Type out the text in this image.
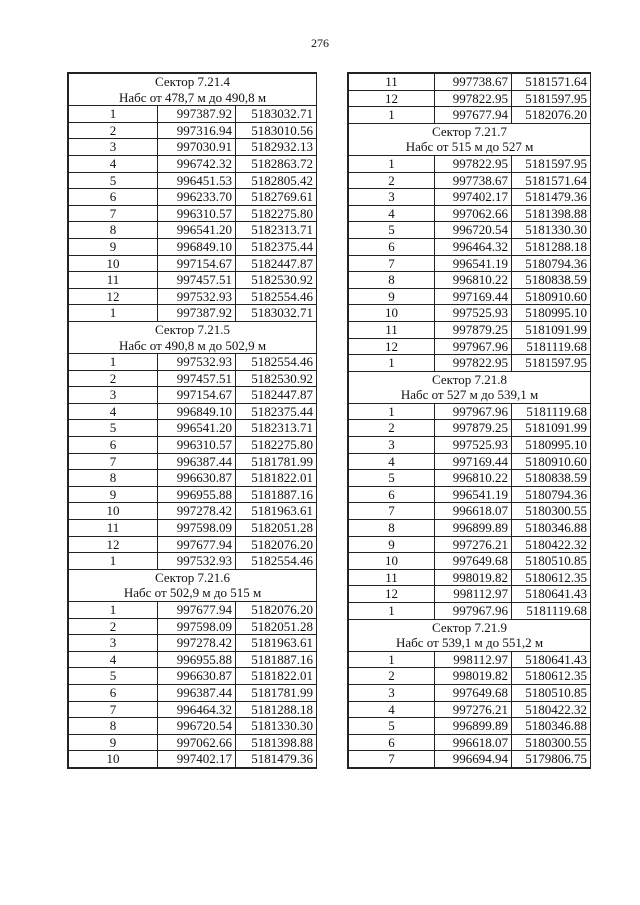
276
Сектор 7.21.4		
Набс от 478,7 м до 490,8 м		
1	997387.92	5183032.71
2	997316.94	5183010.56
3	997030.91	5182932.13
4	996742.32	5182863.72
5	996451.53	5182805.42
6	996233.70	5182769.61
7	996310.57	5182275.80
8	996541.20	5182313.71
9	996849.10	5182375.44
10	997154.67	5182447.87
11	997457.51	5182530.92
12	997532.93	5182554.46
1	997387.92	5183032.71
Сектор 7.21.5		
Набс от 490,8 м до 502,9 м		
1	997532.93	5182554.46
2	997457.51	5182530.92
3	997154.67	5182447.87
4	996849.10	5182375.44
5	996541.20	5182313.71
6	996310.57	5182275.80
7	996387.44	5181781.99
8	996630.87	5181822.01
9	996955.88	5181887.16
10	997278.42	5181963.61
11	997598.09	5182051.28
12	997677.94	5182076.20
1	997532.93	5182554.46
Сектор 7.21.6		
Набс от 502,9 м до 515 м		
1	997677.94	5182076.20
2	997598.09	5182051.28
3	997278.42	5181963.61
4	996955.88	5181887.16
5	996630.87	5181822.01
6	996387.44	5181781.99
7	996464.32	5181288.18
8	996720.54	5181330.30
9	997062.66	5181398.88
10	997402.17	5181479.36
11	997738.67	5181571.64
12	997822.95	5181597.95
1	997677.94	5182076.20
Сектор 7.21.7		
Набс от 515 м до 527 м		
1	997822.95	5181597.95
2	997738.67	5181571.64
3	997402.17	5181479.36
4	997062.66	5181398.88
5	996720.54	5181330.30
6	996464.32	5181288.18
7	996541.19	5180794.36
8	996810.22	5180838.59
9	997169.44	5180910.60
10	997525.93	5180995.10
11	997879.25	5181091.99
12	997967.96	5181119.68
1	997822.95	5181597.95
Сектор 7.21.8		
Набс от 527 м до 539,1 м		
1	997967.96	5181119.68
2	997879.25	5181091.99
3	997525.93	5180995.10
4	997169.44	5180910.60
5	996810.22	5180838.59
6	996541.19	5180794.36
7	996618.07	5180300.55
8	996899.89	5180346.88
9	997276.21	5180422.32
10	997649.68	5180510.85
11	998019.82	5180612.35
12	998112.97	5180641.43
1	997967.96	5181119.68
Сектор 7.21.9		
Набс от 539,1 м до 551,2 м		
1	998112.97	5180641.43
2	998019.82	5180612.35
3	997649.68	5180510.85
4	997276.21	5180422.32
5	996899.89	5180346.88
6	996618.07	5180300.55
7	996694.94	5179806.75
